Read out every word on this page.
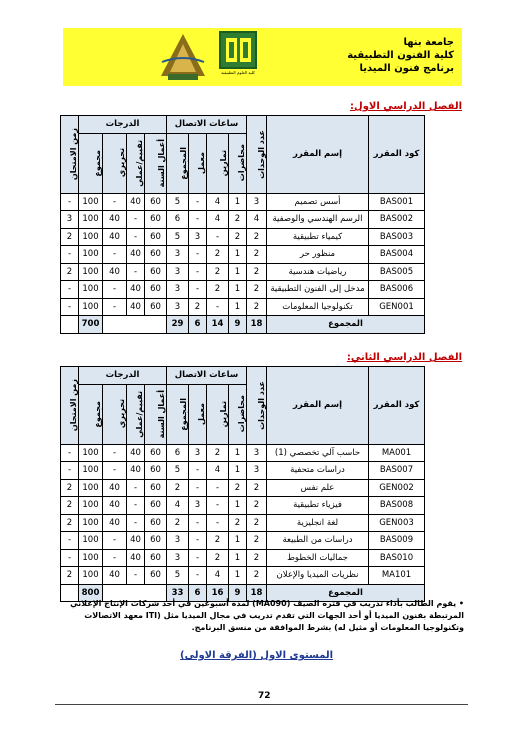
كلية العلوم التطبيقية
جامعة بنها
كلية الفنون التطبيقية
برنامج فنون الميديا
الفصل الدراسي الاول:
كود المقرر	إسم المقرر	عدد الوحدات	ساعات الاتصال				الدرجات				زمن الامتحان

			محاضرات	تمارين	معمل	المجموع	أعمال السنة	تقييم/عملي	تحريري	مجموع	

BAS001	أسس تصميم	3	1	4	-	5	60	40	-	100	-
BAS002	الرسم الهندسي والوصفية	4	2	4	-	6	60	-	40	100	3
BAS003	كيمياء تطبيقية	2	2	-	3	5	60	-	40	100	2
BAS004	منظور حر	2	1	2	-	3	60	40	-	100	-
BAS005	رياضيات هندسية	2	1	2	-	3	60	-	40	100	2
BAS006	مدخل إلى الفنون التطبيقية	2	1	2	-	3	60	40	-	100	-
GEN001	تكنولوجيا المعلومات	2	1	-	2	3	60	40	-	100	-
المجموع		18	9	14	6	29				700	
الفصل الدراسي الثاني:
كود المقرر	إسم المقرر	عدد الوحدات	ساعات الاتصال				الدرجات				زمن الامتحان

			محاضرات	تمارين	معمل	المجموع	أعمال السنة	تقييم/عملي	تحريري	مجموع	

MA001	حاسب آلي تخصصي (1)	3	1	2	3	6	60	40	-	100	-
BAS007	دراسات متحفية	3	1	4	-	5	60	40	-	100	-
GEN002	علم نفس	2	2	-	-	2	60	-	40	100	2
BAS008	فيزياء تطبيقية	2	1	-	3	4	60	-	40	100	2
GEN003	لغة انجليزية	2	2	-	-	2	60	-	40	100	2
BAS009	دراسات من الطبيعة	2	1	2	-	3	60	40	-	100	-
BAS010	جماليات الخطوط	2	1	2	-	3	60	40	-	100	-
MA101	نظريات الميديا والإعلان	2	1	4	-	5	60	-	40	100	2
المجموع		18	9	16	6	33				800	
• يقوم الطالب بأداء تدريب في فترة الصيف (MA090) لمدة أسبوعين في أحد شركات الإنتاج الإعلاني المرتبطة بفنون الميديا أو أحد الجهات التي تقدم تدريب في مجال الميديا مثل (ITI معهد الاتصالات وتكنولوجيا المعلومات أو مثيل له) بشرط الموافقة من منسق البرنامج.
المستوى الاول (الفرقة الاولى)
72
